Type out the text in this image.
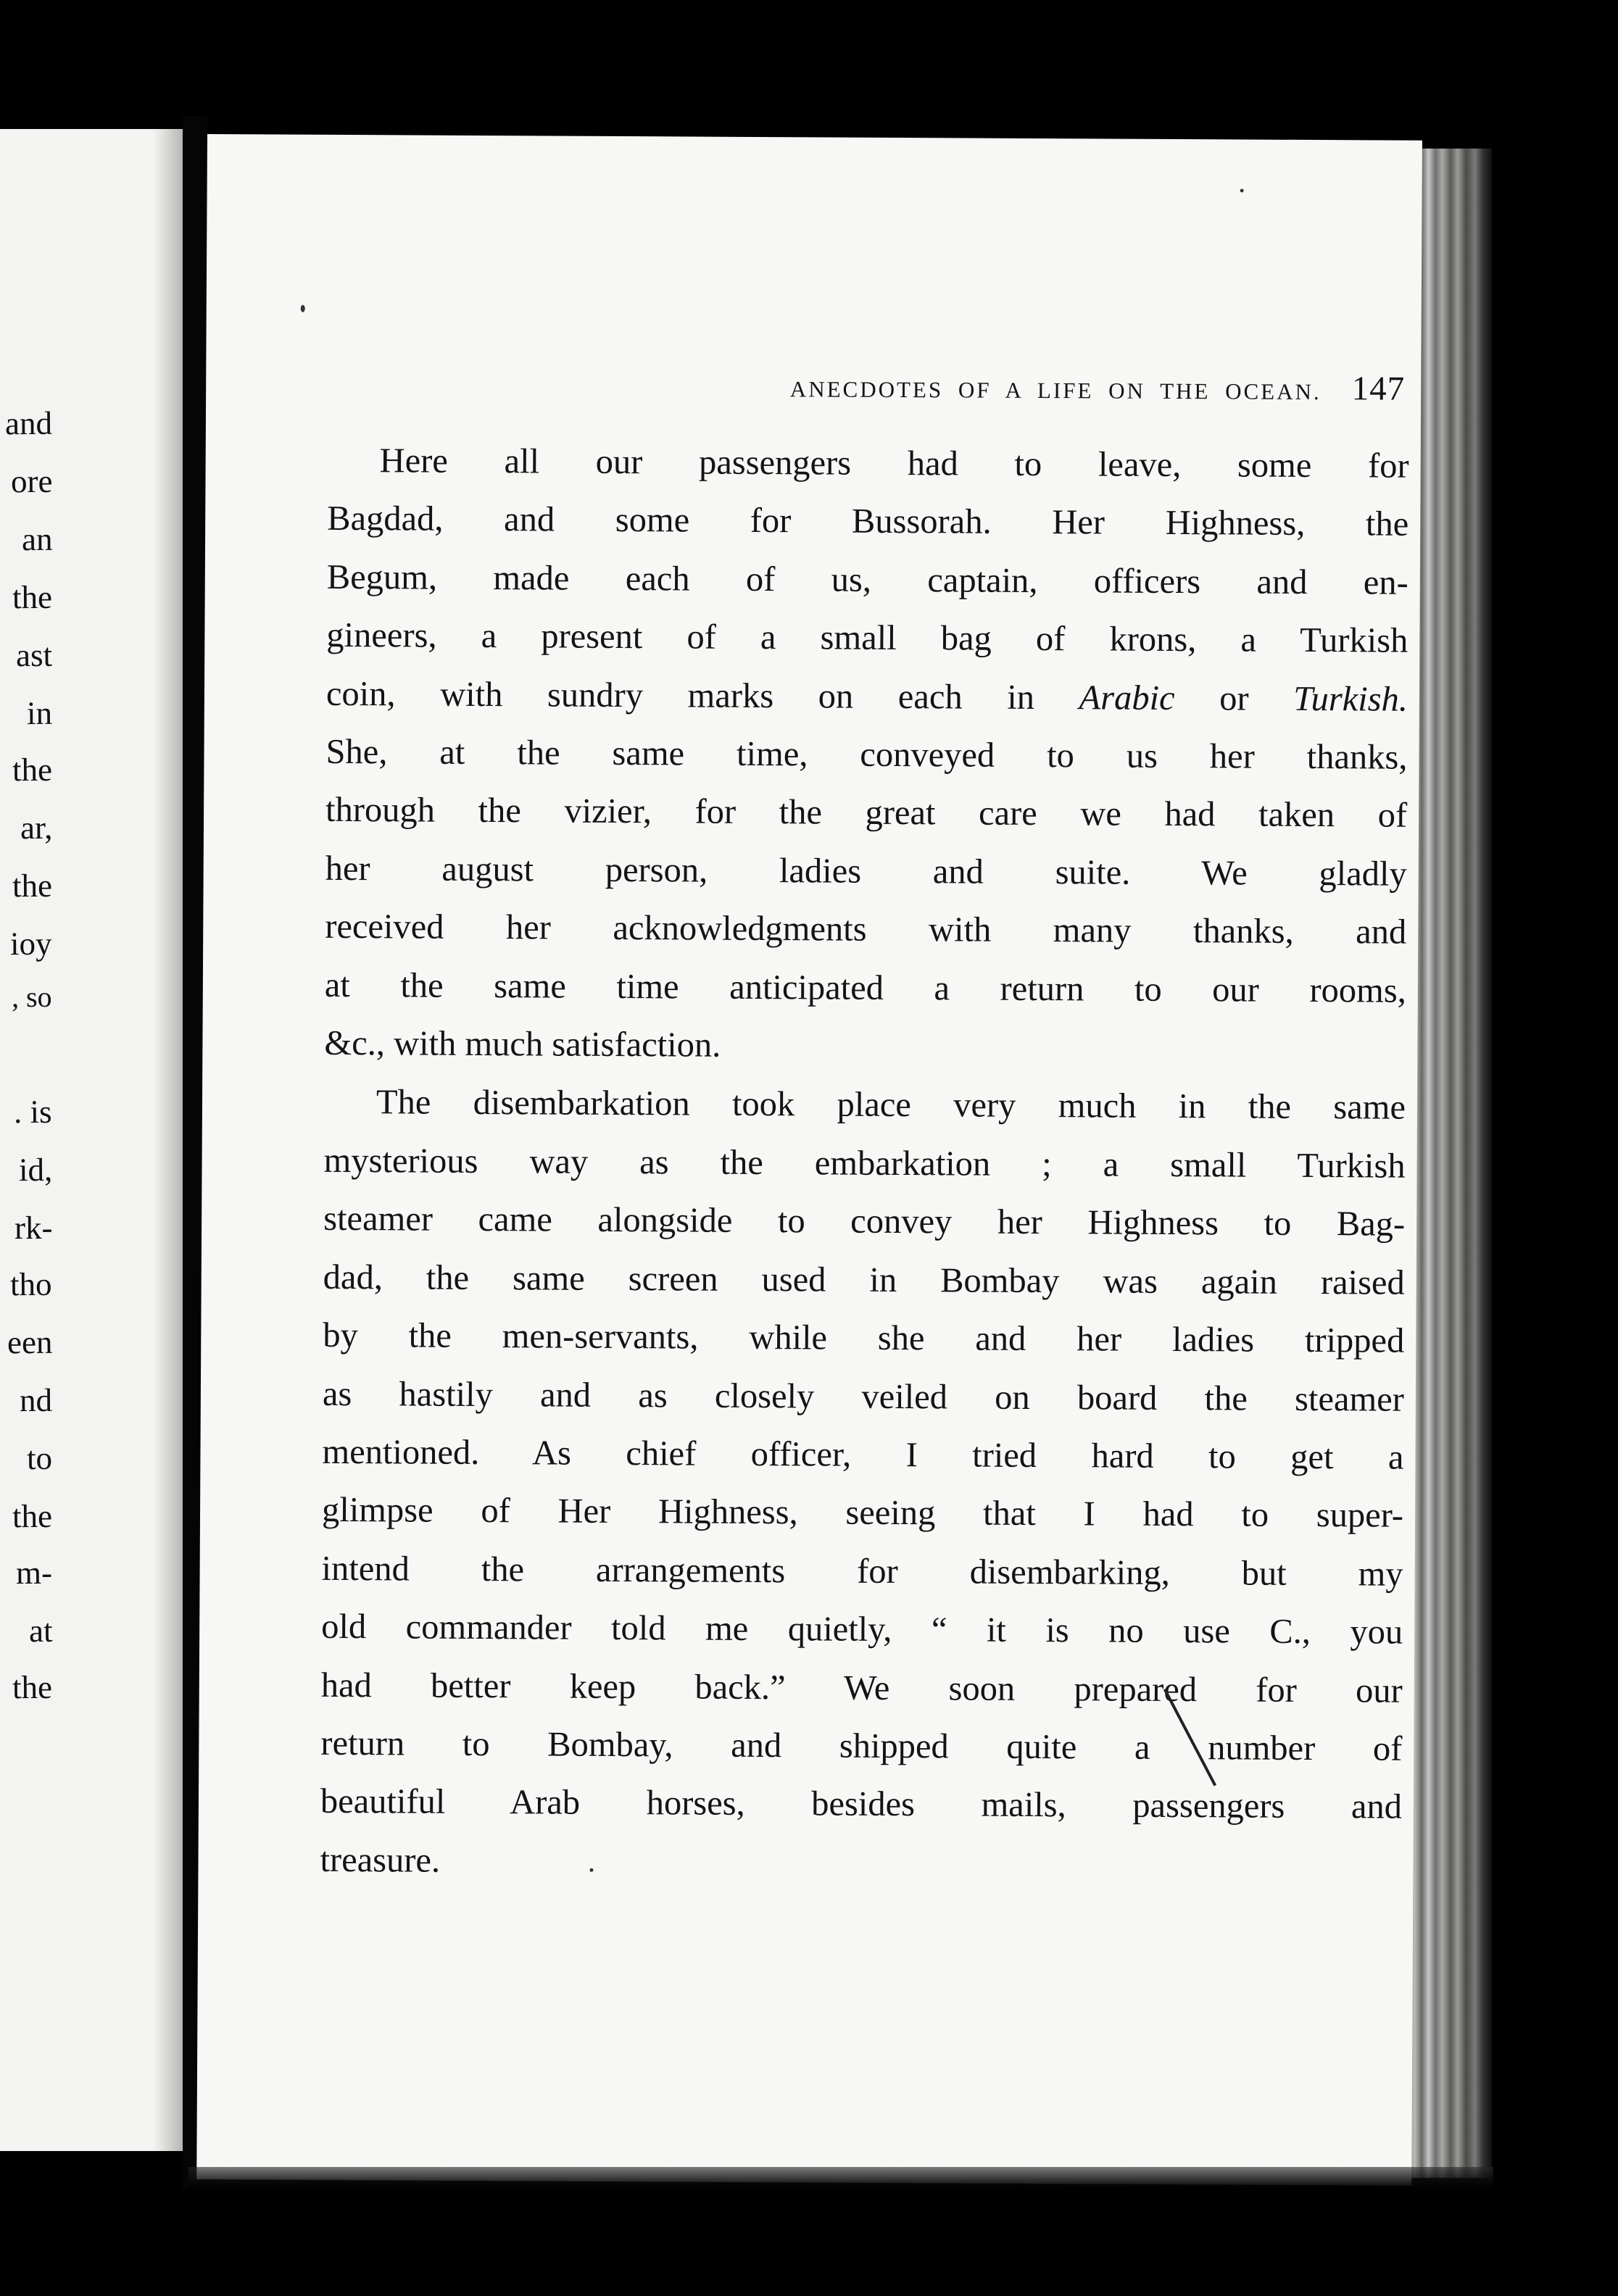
and
ore
an
the
ast
in
the
ar,
the
ioy
, so
. is
id,
rk-
tho
een
nd
to
the
m-
at
the
ANECDOTES OF A LIFE ON THE OCEAN. 147

Here all our passengers had to leave, some for
Bagdad, and some for Bussorah. Her Highness, the
Begum, made each of us, captain, officers and en-
gineers, a present of a small bag of krons, a Turkish
coin, with sundry marks on each in Arabic or Turkish.
She, at the same time, conveyed to us her thanks,
through the vizier, for the great care we had taken of
her august person, ladies and suite. We gladly
received her acknowledgments with many thanks, and
at the same time anticipated a return to our rooms,
&c., with much satisfaction.

The disembarkation took place very much in the same
mysterious way as the embarkation ; a small Turkish
steamer came alongside to convey her Highness to Bag-
dad, the same screen used in Bombay was again raised
by the men-servants, while she and her ladies tripped
as hastily and as closely veiled on board the steamer
mentioned. As chief officer, I tried hard to get a
glimpse of Her Highness, seeing that I had to super-
intend the arrangements for disembarking, but my
old commander told me quietly, “ it is no use C., you
had better keep back.” We soon prepared for our
return to Bombay, and shipped quite a number of
beautiful Arab horses, besides mails, passengers and
treasure.
